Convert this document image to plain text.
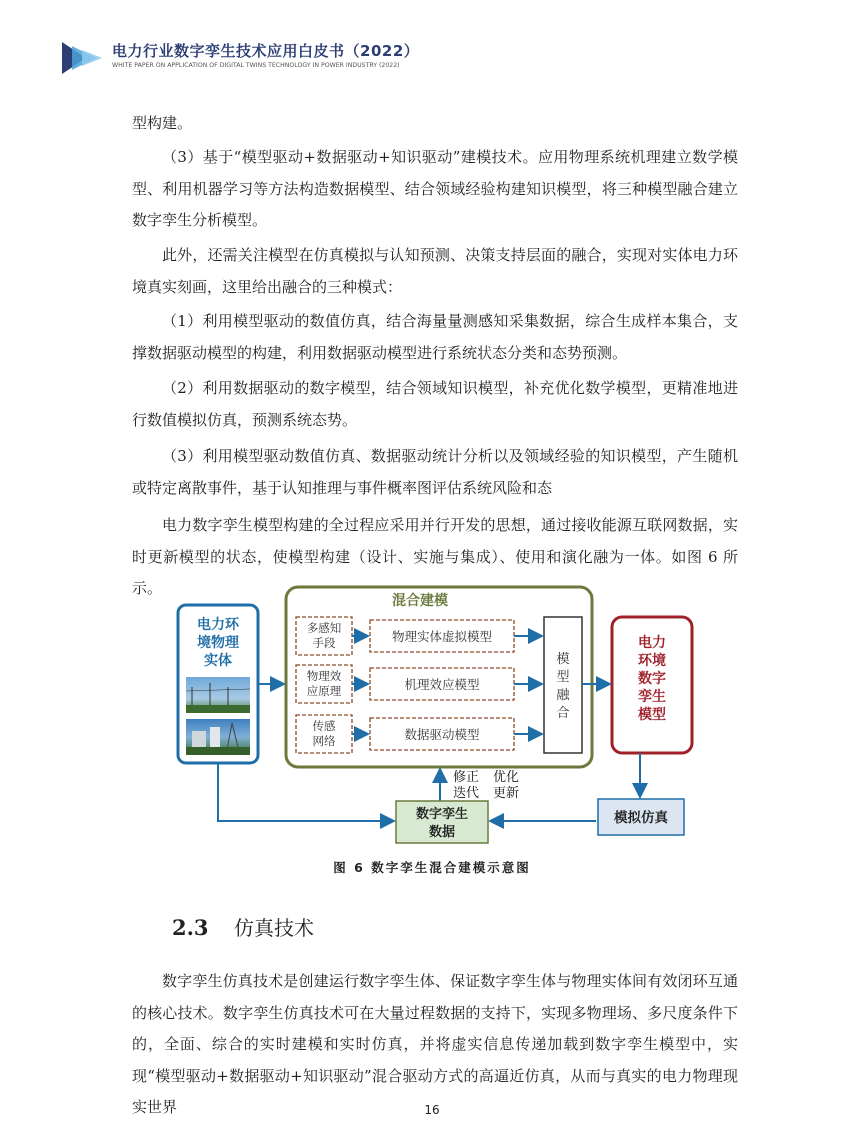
电力行业数字孪生技术应用白皮书（2022）
WHITE PAPER ON APPLICATION OF DIGITAL TWINS TECHNOLOGY IN POWER INDUSTRY (2022)

型构建。

（3）基于“模型驱动+数据驱动+知识驱动”建模技术。应用物理系统机理建立数学模型、利用机器学习等方法构造数据模型、结合领域经验构建知识模型，将三种模型融合建立数字孪生分析模型。

此外，还需关注模型在仿真模拟与认知预测、决策支持层面的融合，实现对实体电力环境真实刻画，这里给出融合的三种模式：

（1）利用模型驱动的数值仿真，结合海量量测感知采集数据，综合生成样本集合，支撑数据驱动模型的构建，利用数据驱动模型进行系统状态分类和态势预测。

（2）利用数据驱动的数字模型，结合领域知识模型，补充优化数学模型，更精准地进行数值模拟仿真，预测系统态势。

（3）利用模型驱动数值仿真、数据驱动统计分析以及领域经验的知识模型，产生随机或特定离散事件，基于认知推理与事件概率图评估系统风险和态

电力数字孪生模型构建的全过程应采用并行开发的思想，通过接收能源互联网数据，实时更新模型的状态，使模型构建（设计、实施与集成）、使用和演化融为一体。如图 6 所示。

电力环
境物理
实体
混合建模
多感知
手段
物理效
应原理
传感
网络
物理实体虚拟模型
机理效应模型
数据驱动模型
模
型
融
合
电力
环境
数字
孪生
模型
修正
迭代
优化
更新
数字孪生
数据
模拟仿真
图 6 数字孪生混合建模示意图
2.3 仿真技术

数字孪生仿真技术是创建运行数字孪生体、保证数字孪生体与物理实体间有效闭环互通的核心技术。数字孪生仿真技术可在大量过程数据的支持下，实现多物理场、多尺度条件下的，全面、综合的实时建模和实时仿真，并将虚实信息传递加载到数字孪生模型中，实现“模型驱动+数据驱动+知识驱动”混合驱动方式的高逼近仿真，从而与真实的电力物理现实世界	16
